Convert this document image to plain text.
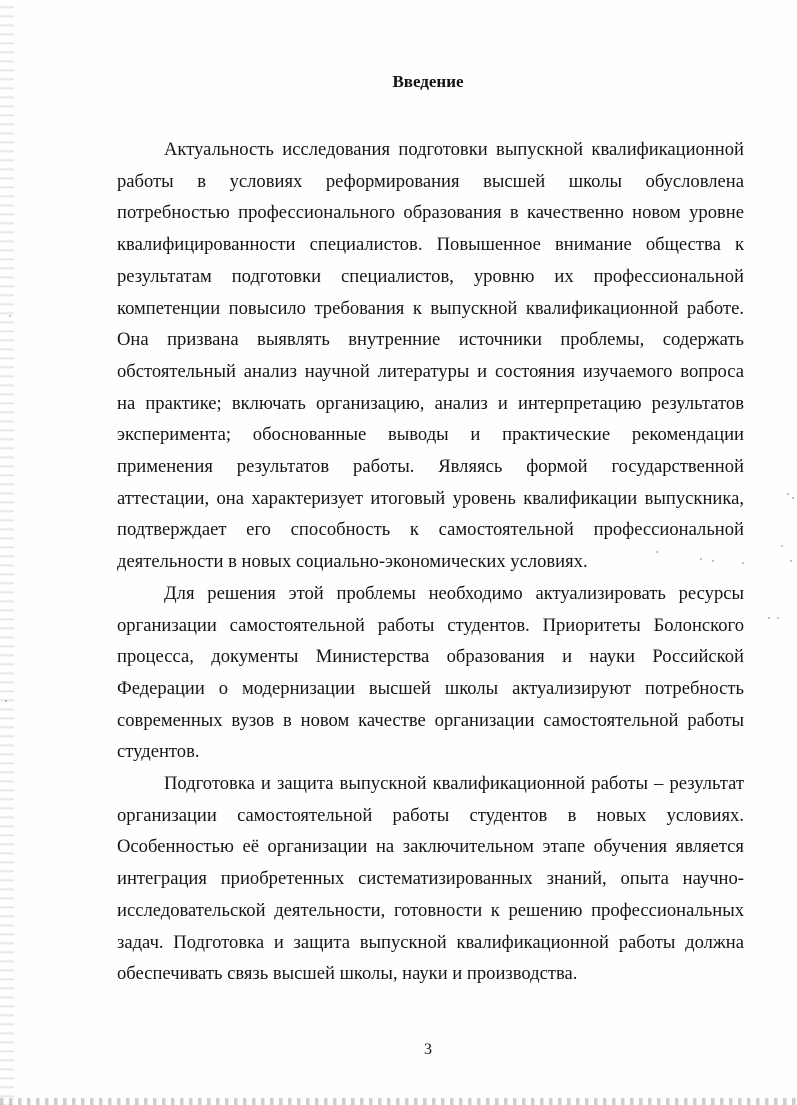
Введение

Актуальность исследования подготовки выпускной квалификационной работы в условиях реформирования высшей школы обусловлена потребностью профессионального образования в качественно новом уровне квалифицированности специалистов. Повышенное внимание общества к результатам подготовки специалистов, уровню их профессиональной компетенции повысило требования к выпускной квалификационной работе. Она призвана выявлять внутренние источники проблемы, содержать обстоятельный анализ научной литературы и состояния изучаемого вопроса на практике; включать организацию, анализ и интерпретацию результатов эксперимента; обоснованные выводы и практические рекомендации применения результатов работы. Являясь формой государственной аттестации, она характеризует итоговый уровень квалификации выпускника, подтверждает его способность к самостоятельной профессиональной деятельности в новых социально-экономических условиях.

Для решения этой проблемы необходимо актуализировать ресурсы организации самостоятельной работы студентов. Приоритеты Болонского процесса, документы Министерства образования и науки Российской Федерации о модернизации высшей школы актуализируют потребность современных вузов в новом качестве организации самостоятельной работы студентов.

Подготовка и защита выпускной квалификационной работы – результат организации самостоятельной работы студентов в новых условиях. Особенностью её организации на заключительном этапе обучения является интеграция приобретенных систематизированных знаний, опыта научно-исследовательской деятельности, готовности к решению профессиональных задач. Подготовка и защита выпускной квалификационной работы должна обеспечивать связь высшей школы, науки и производства.

3
